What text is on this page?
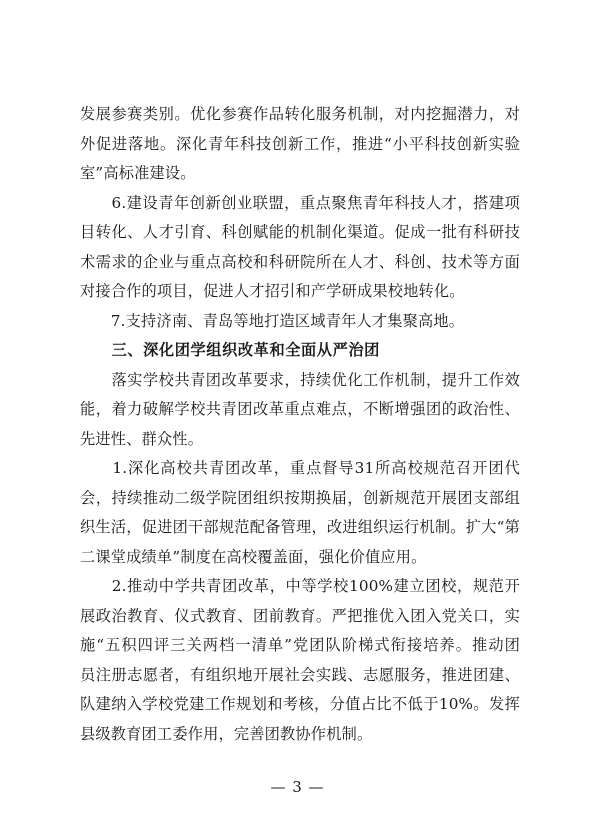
发展参赛类别。优化参赛作品转化服务机制，对内挖掘潜力，对
外促进落地。深化青年科技创新工作，推进“小平科技创新实验
室”高标准建设。
　　6.建设青年创新创业联盟，重点聚焦青年科技人才，搭建项
目转化、人才引育、科创赋能的机制化渠道。促成一批有科研技
术需求的企业与重点高校和科研院所在人才、科创、技术等方面
对接合作的项目，促进人才招引和产学研成果校地转化。
　　7.支持济南、青岛等地打造区域青年人才集聚高地。
　　三、深化团学组织改革和全面从严治团
　　落实学校共青团改革要求，持续优化工作机制，提升工作效
能，着力破解学校共青团改革重点难点，不断增强团的政治性、
先进性、群众性。
　　1.深化高校共青团改革，重点督导31所高校规范召开团代
会，持续推动二级学院团组织按期换届，创新规范开展团支部组
织生活，促进团干部规范配备管理，改进组织运行机制。扩大“第
二课堂成绩单”制度在高校覆盖面，强化价值应用。
　　2.推动中学共青团改革，中等学校100%建立团校，规范开
展政治教育、仪式教育、团前教育。严把推优入团入党关口，实
施“五积四评三关两档一清单”党团队阶梯式衔接培养。推动团
员注册志愿者，有组织地开展社会实践、志愿服务，推进团建、
队建纳入学校党建工作规划和考核，分值占比不低于10%。发挥
县级教育团工委作用，完善团教协作机制。
— 3 —
